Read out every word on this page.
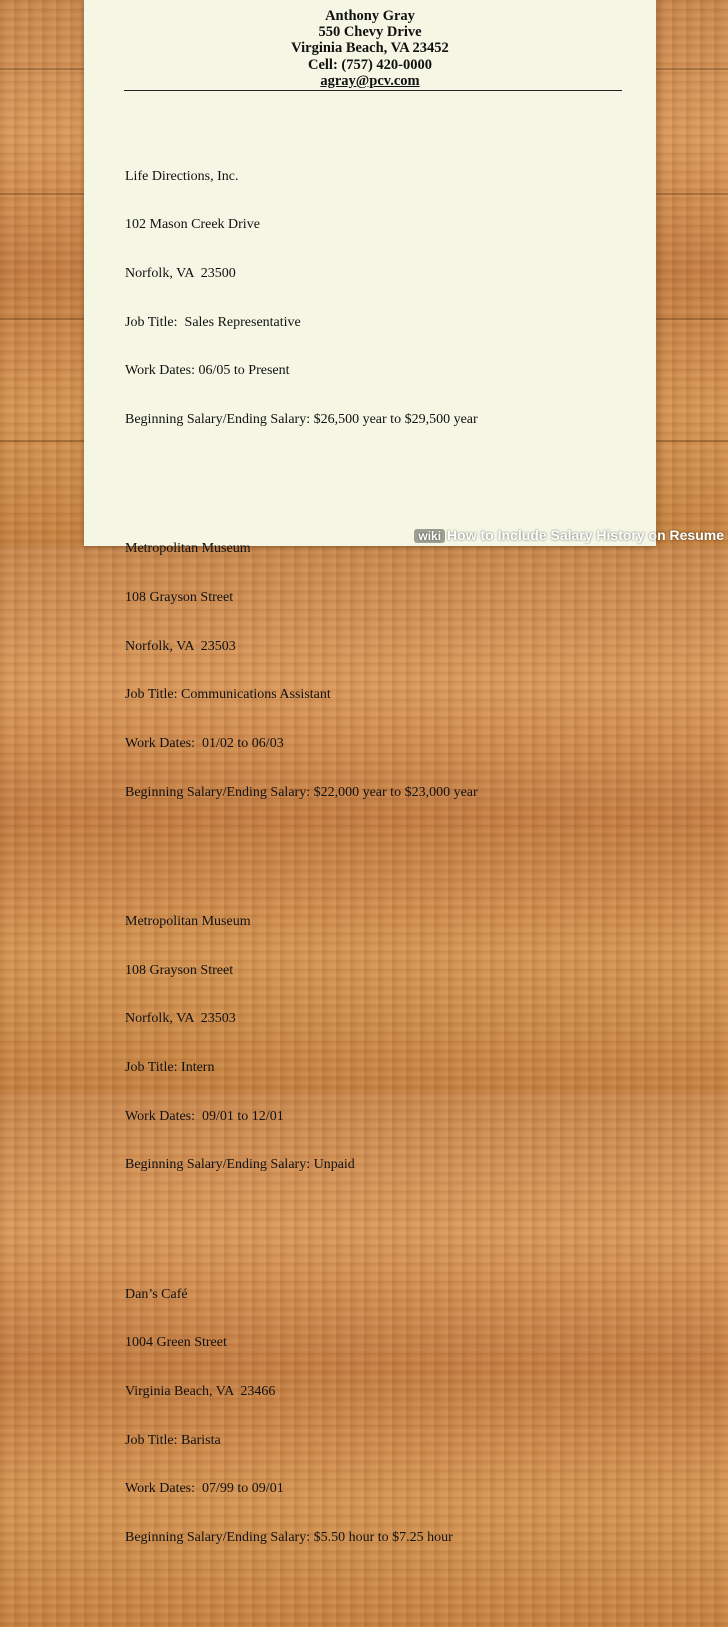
Anthony Gray
550 Chevy Drive
Virginia Beach, VA 23452
Cell: (757) 420-0000
agray@pcv.com

Life Directions, Inc.

102 Mason Creek Drive

Norfolk, VA  23500

Job Title:  Sales Representative

Work Dates: 06/05 to Present

Beginning Salary/Ending Salary: $26,500 year to $29,500 year

Metropolitan Museum

108 Grayson Street

Norfolk, VA  23503

Job Title: Communications Assistant

Work Dates:  01/02 to 06/03

Beginning Salary/Ending Salary: $22,000 year to $23,000 year

Metropolitan Museum

108 Grayson Street

Norfolk, VA  23503

Job Title: Intern

Work Dates:  09/01 to 12/01

Beginning Salary/Ending Salary: Unpaid

Dan’s Café

1004 Green Street

Virginia Beach, VA  23466

Job Title: Barista

Work Dates:  07/99 to 09/01

Beginning Salary/Ending Salary: $5.50 hour to $7.25 hour

wiki How to Include Salary History on Resume
